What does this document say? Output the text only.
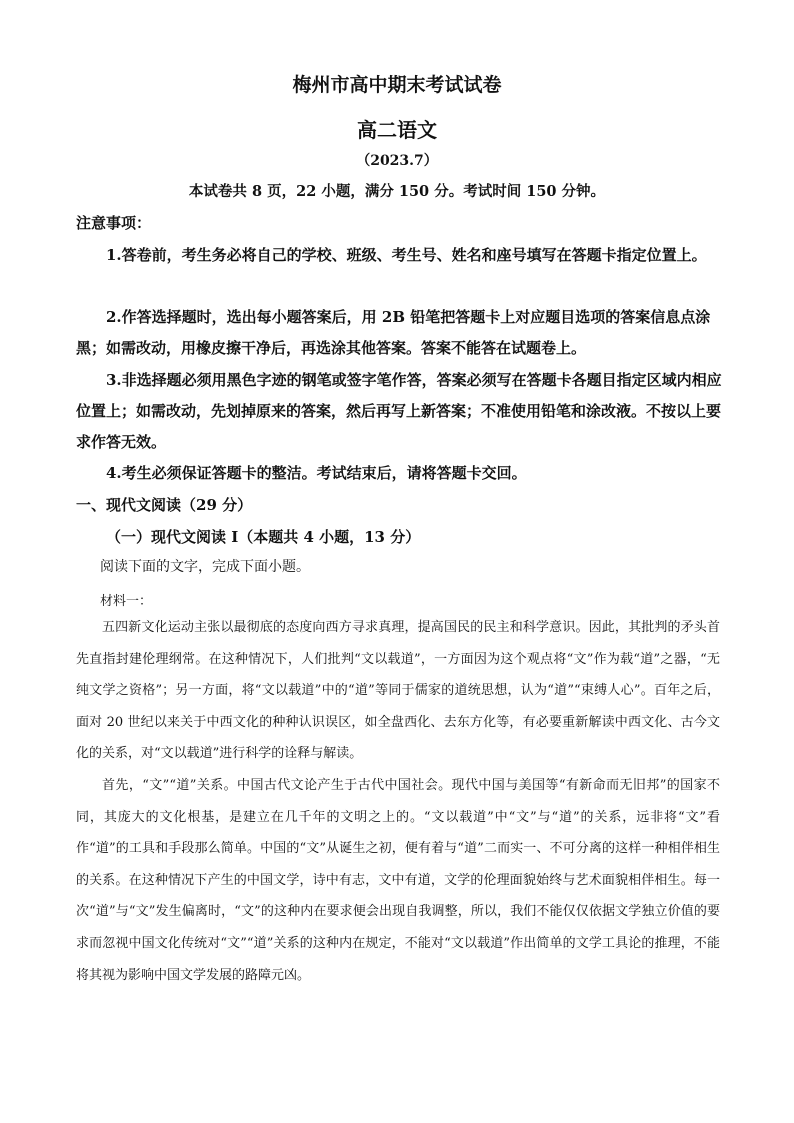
梅州市高中期末考试试卷
高二语文
（2023.7）
本试卷共 8 页，22 小题，满分 150 分。考试时间 150 分钟。
注意事项：

1.答卷前，考生务必将自己的学校、班级、考生号、姓名和座号填写在答题卡指定位置上。

2.作答选择题时，选出每小题答案后，用 2B 铅笔把答题卡上对应题目选项的答案信息点涂黑；如需改动，用橡皮擦干净后，再选涂其他答案。答案不能答在试题卷上。

3.非选择题必须用黑色字迹的钢笔或签字笔作答，答案必须写在答题卡各题目指定区域内相应位置上；如需改动，先划掉原来的答案，然后再写上新答案；不准使用铅笔和涂改液。不按以上要求作答无效。

4.考生必须保证答题卡的整洁。考试结束后，请将答题卡交回。

一、现代文阅读（29 分）
（一）现代文阅读 I（本题共 4 小题，13 分）
阅读下面的文字，完成下面小题。
材料一：

五四新文化运动主张以最彻底的态度向西方寻求真理，提高国民的民主和科学意识。因此，其批判的矛头首先直指封建伦理纲常。在这种情况下，人们批判“文以载道”，一方面因为这个观点将“文”作为载“道”之器，“无纯文学之资格”；另一方面，将“文以载道”中的“道”等同于儒家的道统思想，认为“道”“束缚人心”。百年之后，面对 20 世纪以来关于中西文化的种种认识误区，如全盘西化、去东方化等，有必要重新解读中西文化、古今文化的关系，对“文以载道”进行科学的诠释与解读。

首先，“文”“道”关系。中国古代文论产生于古代中国社会。现代中国与美国等“有新命而无旧邦”的国家不同，其庞大的文化根基，是建立在几千年的文明之上的。“文以载道”中“文”与“道”的关系，远非将“文”看作“道”的工具和手段那么简单。中国的“文”从诞生之初，便有着与“道”二而实一、不可分离的这样一种相伴相生的关系。在这种情况下产生的中国文学，诗中有志，文中有道，文学的伦理面貌始终与艺术面貌相伴相生。每一次“道”与“文”发生偏离时，“文”的这种内在要求便会出现自我调整，所以，我们不能仅仅依据文学独立价值的要求而忽视中国文化传统对“文”“道”关系的这种内在规定，不能对“文以载道”作出简单的文学工具论的推理，不能将其视为影响中国文学发展的路障元凶。
